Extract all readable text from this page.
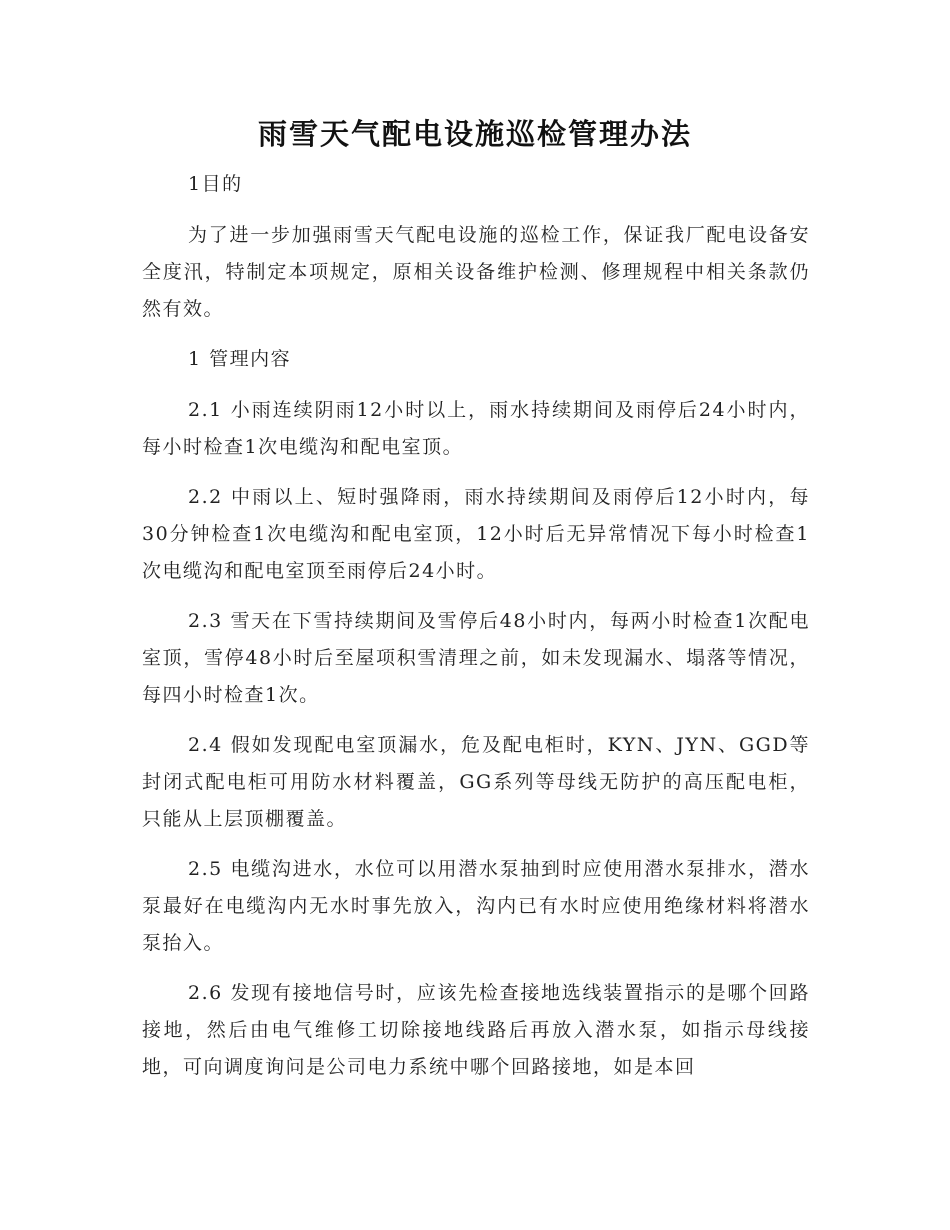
雨雪天气配电设施巡检管理办法

1目的

为了进一步加强雨雪天气配电设施的巡检工作，保证我厂配电设备安全度汛，特制定本项规定，原相关设备维护检测、修理规程中相关条款仍然有效。

1 管理内容

2.1 小雨连续阴雨12小时以上，雨水持续期间及雨停后24小时内，每小时检查1次电缆沟和配电室顶。

2.2 中雨以上、短时强降雨，雨水持续期间及雨停后12小时内，每30分钟检查1次电缆沟和配电室顶，12小时后无异常情况下每小时检查1次电缆沟和配电室顶至雨停后24小时。

2.3 雪天在下雪持续期间及雪停后48小时内，每两小时检查1次配电室顶，雪停48小时后至屋项积雪清理之前，如未发现漏水、塌落等情况，每四小时检查1次。

2.4 假如发现配电室顶漏水，危及配电柜时，KYN、JYN、GGD等封闭式配电柜可用防水材料覆盖，GG系列等母线无防护的高压配电柜，只能从上层顶棚覆盖。

2.5 电缆沟进水，水位可以用潜水泵抽到时应使用潜水泵排水，潜水泵最好在电缆沟内无水时事先放入，沟内已有水时应使用绝缘材料将潜水泵抬入。

2.6 发现有接地信号时，应该先检查接地选线装置指示的是哪个回路接地，然后由电气维修工切除接地线路后再放入潜水泵，如指示母线接地，可向调度询问是公司电力系统中哪个回路接地，如是本回
